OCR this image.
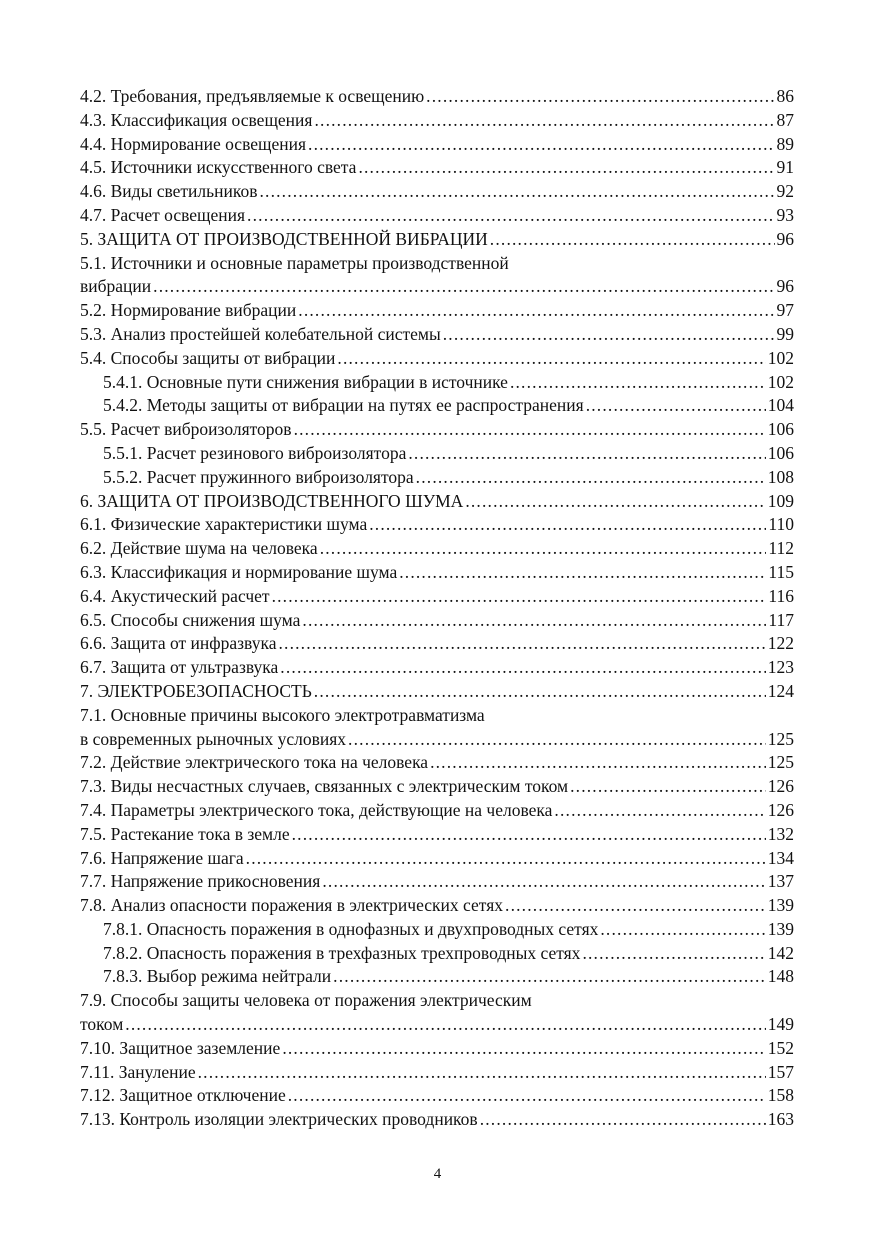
4.2. Требования, предъявляемые к освещению . . .	86
4.3. Классификация освещения . . .	87
4.4. Нормирование освещения . . .	89
4.5. Источники искусственного света . . .	91
4.6. Виды светильников . . .	92
4.7. Расчет освещения . . .	93
5. ЗАЩИТА ОТ ПРОИЗВОДСТВЕННОЙ ВИБРАЦИИ . . .	96
5.1. Источники и основные параметры производственной
вибрации . . .	96
5.2. Нормирование вибрации . . .	97
5.3. Анализ простейшей колебательной системы . . .	99
5.4. Способы защиты от вибрации . . .	102
5.4.1. Основные пути снижения вибрации в источнике . . .	102
5.4.2. Методы защиты от вибрации на путях ее распространения . . .	104
5.5. Расчет виброизоляторов . . .	106
5.5.1. Расчет резинового виброизолятора . . .	106
5.5.2. Расчет пружинного виброизолятора . . .	108
6. ЗАЩИТА ОТ ПРОИЗВОДСТВЕННОГО ШУМА . . .	109
6.1. Физические характеристики шума . . .	110
6.2. Действие шума на человека . . .	112
6.3. Классификация и нормирование шума . . .	115
6.4. Акустический расчет . . .	116
6.5. Способы снижения шума . . .	117
6.6. Защита от инфразвука . . .	122
6.7. Защита от ультразвука . . .	123
7. ЭЛЕКТРОБЕЗОПАСНОСТЬ . . .	124
7.1. Основные причины высокого электротравматизма
в современных рыночных условиях . . .	125
7.2. Действие электрического тока на человека . . .	125
7.3. Виды несчастных случаев, связанных с электрическим током . . .	126
7.4. Параметры электрического тока, действующие на человека . . .	126
7.5. Растекание тока в земле . . .	132
7.6. Напряжение шага . . .	134
7.7. Напряжение прикосновения . . .	137
7.8. Анализ опасности поражения в электрических сетях . . .	139
7.8.1. Опасность поражения в однофазных и двухпроводных сетях . . .	139
7.8.2. Опасность поражения в трехфазных трехпроводных сетях . . .	142
7.8.3. Выбор режима нейтрали . . .	148
7.9. Способы защиты человека от поражения электрическим
током . . .	149
7.10. Защитное заземление . . .	152
7.11. Зануление . . .	157
7.12. Защитное отключение . . .	158
7.13. Контроль изоляции электрических проводников . . .	163
4
